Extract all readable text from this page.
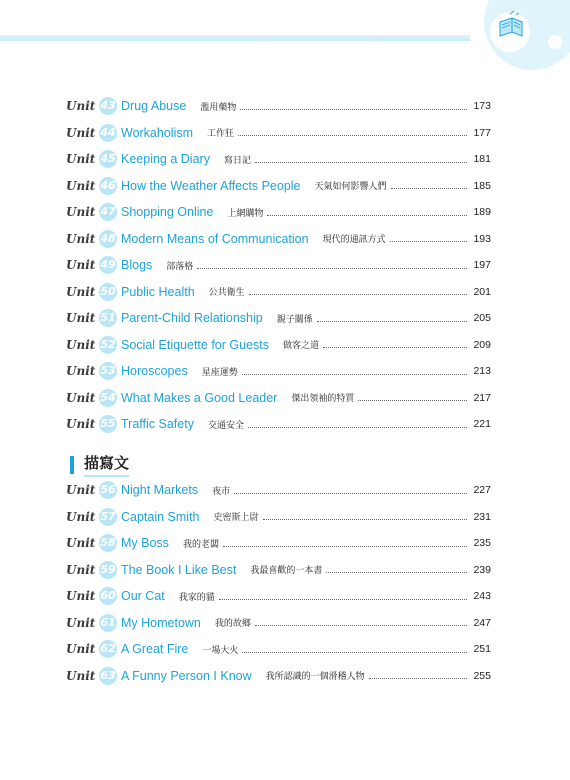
Unit 43 Drug Abuse 濫用藥物	173
Unit 44 Workaholism 工作狂	177
Unit 45 Keeping a Diary 寫日記	181
Unit 46 How the Weather Affects People 天氣如何影響人們	185
Unit 47 Shopping Online 上網購物	189
Unit 48 Modern Means of Communication 現代的通訊方式	193
Unit 49 Blogs 部落格	197
Unit 50 Public Health 公共衛生	201
Unit 51 Parent-Child Relationship 親子關係	205
Unit 52 Social Etiquette for Guests 做客之道	209
Unit 53 Horoscopes 星座運勢	213
Unit 54 What Makes a Good Leader 傑出領袖的特質	217
Unit 55 Traffic Safety 交通安全	221
描寫文
Unit 56 Night Markets 夜市	227
Unit 57 Captain Smith 史密斯上尉	231
Unit 58 My Boss 我的老闆	235
Unit 59 The Book I Like Best 我最喜歡的一本書	239
Unit 60 Our Cat 我家的貓	243
Unit 61 My Hometown 我的故鄉	247
Unit 62 A Great Fire 一場大火	251
Unit 63 A Funny Person I Know 我所認識的一個滑稽人物	255
